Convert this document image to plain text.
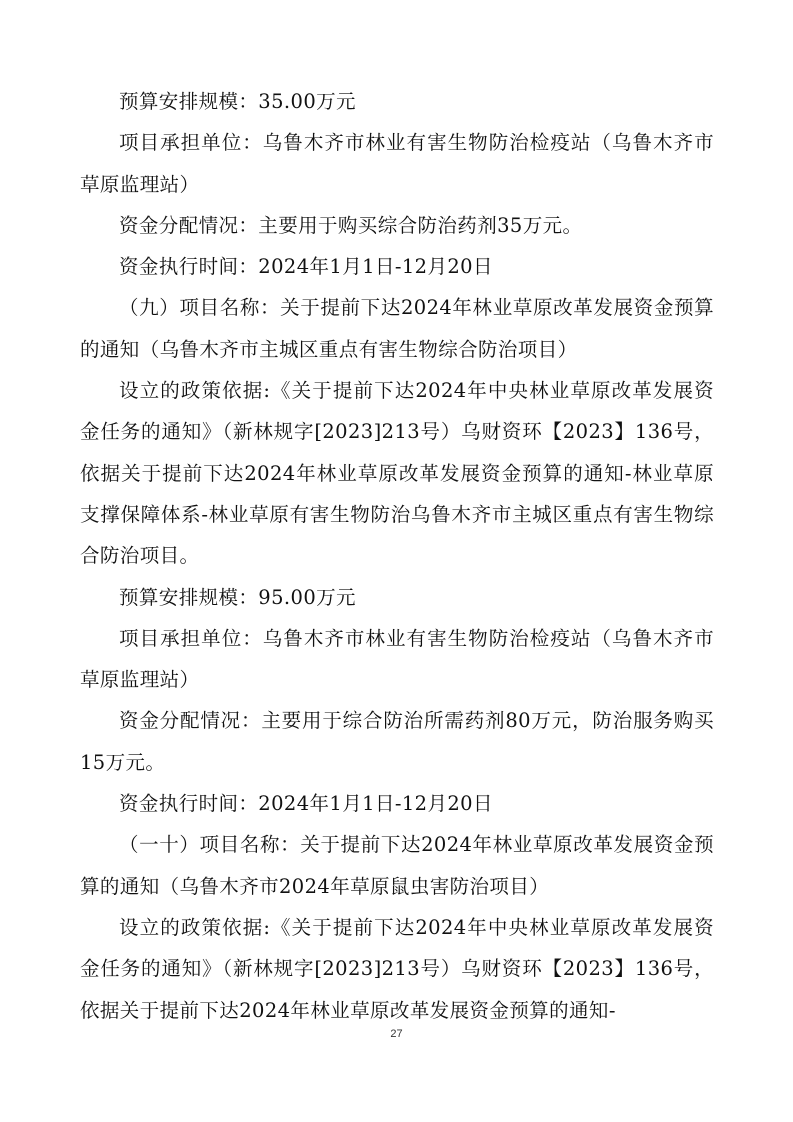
预算安排规模：35.00万元

项目承担单位：乌鲁木齐市林业有害生物防治检疫站（乌鲁木齐市草原监理站）

资金分配情况：主要用于购买综合防治药剂35万元。

资金执行时间：2024年1月1日-12月20日

（九）项目名称：关于提前下达2024年林业草原改革发展资金预算的通知（乌鲁木齐市主城区重点有害生物综合防治项目）

设立的政策依据:《关于提前下达2024年中央林业草原改革发展资金任务的通知》（新林规字[2023]213号）乌财资环【2023】136号，依据关于提前下达2024年林业草原改革发展资金预算的通知-林业草原支撑保障体系-林业草原有害生物防治乌鲁木齐市主城区重点有害生物综合防治项目。

预算安排规模：95.00万元

项目承担单位：乌鲁木齐市林业有害生物防治检疫站（乌鲁木齐市草原监理站）

资金分配情况：主要用于综合防治所需药剂80万元，防治服务购买15万元。

资金执行时间：2024年1月1日-12月20日

（一十）项目名称：关于提前下达2024年林业草原改革发展资金预算的通知（乌鲁木齐市2024年草原鼠虫害防治项目）

设立的政策依据:《关于提前下达2024年中央林业草原改革发展资金任务的通知》（新林规字[2023]213号）乌财资环【2023】136号，依据关于提前下达2024年林业草原改革发展资金预算的通知-

27
